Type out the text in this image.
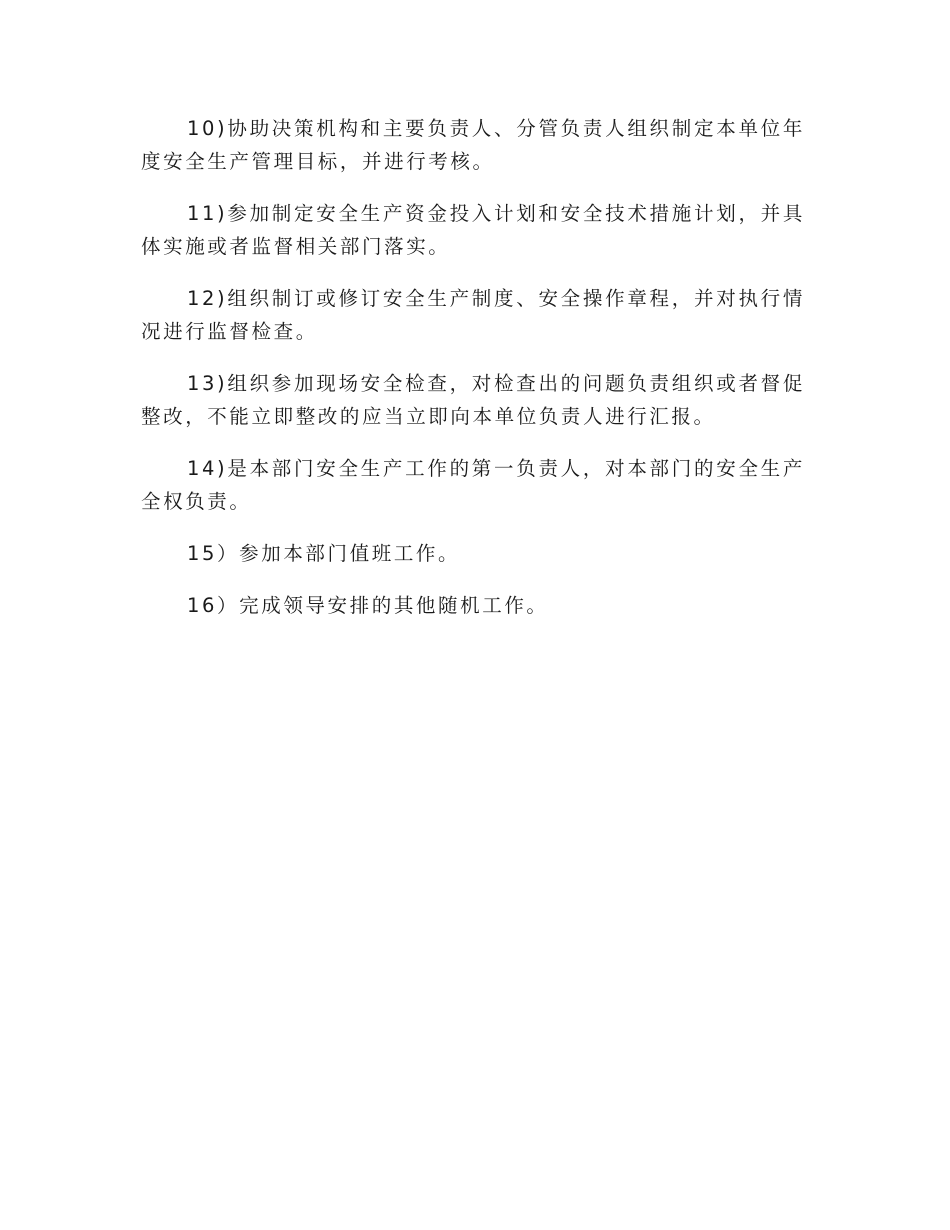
10)协助决策机构和主要负责人、分管负责人组织制定本单位年度安全生产管理目标，并进行考核。

11)参加制定安全生产资金投入计划和安全技术措施计划，并具体实施或者监督相关部门落实。

12)组织制订或修订安全生产制度、安全操作章程，并对执行情况进行监督检查。

13)组织参加现场安全检查，对检查出的问题负责组织或者督促整改，不能立即整改的应当立即向本单位负责人进行汇报。

14)是本部门安全生产工作的第一负责人，对本部门的安全生产全权负责。

15）参加本部门值班工作。

16）完成领导安排的其他随机工作。
